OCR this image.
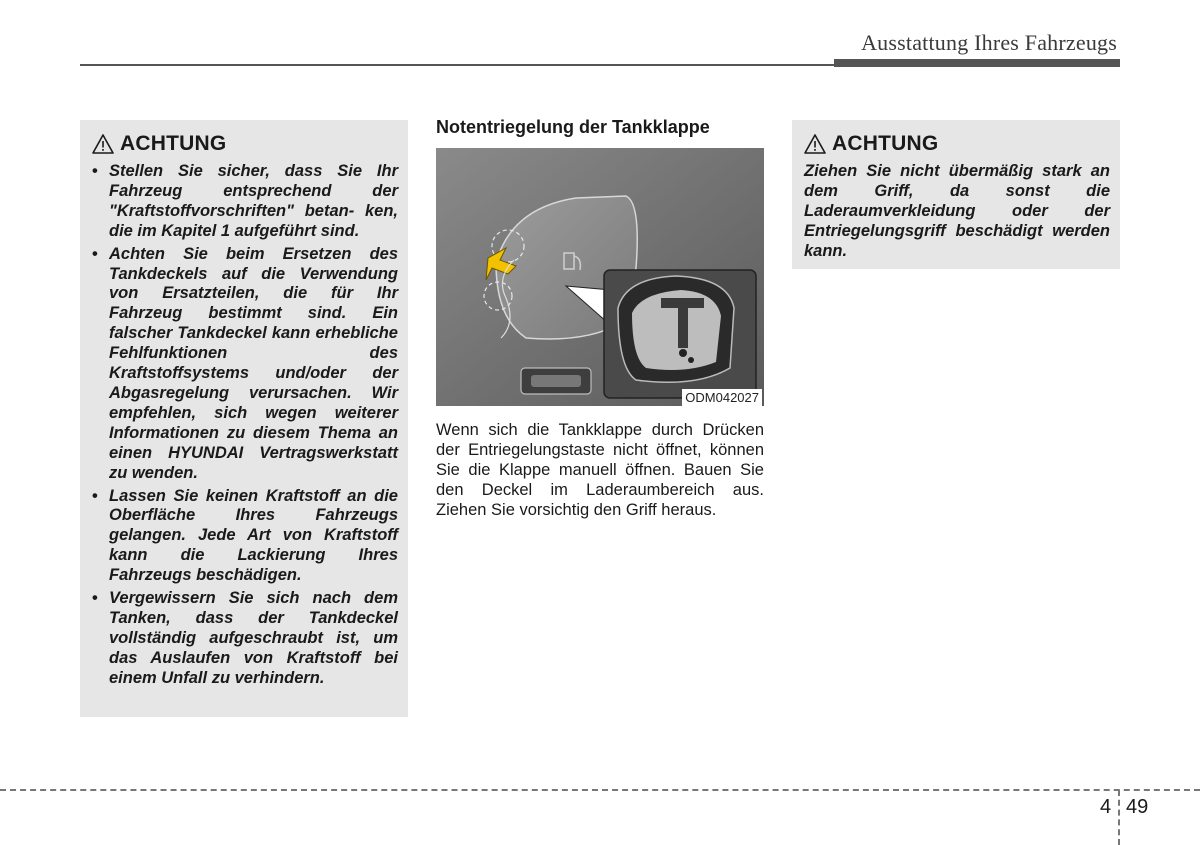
Ausstattung Ihres Fahrzeugs
ACHTUNG
• Stellen Sie sicher, dass Sie Ihr Fahrzeug entsprechend der "Kraftstoffvorschriften" betan- ken, die im Kapitel 1 aufgeführt sind.
• Achten Sie beim Ersetzen des Tankdeckels auf die Verwendung von Ersatzteilen, die für Ihr Fahrzeug bestimmt sind. Ein falscher Tankdeckel kann erhebliche Fehlfunktionen des Kraftstoffsystems und/oder der Abgasregelung verursachen. Wir empfehlen, sich wegen weiterer Informationen zu diesem Thema an einen HYUNDAI Vertragswerkstatt zu wenden.
• Lassen Sie keinen Kraftstoff an die Oberfläche Ihres Fahrzeugs gelangen. Jede Art von Kraftstoff kann die Lackierung Ihres Fahrzeugs beschädigen.
• Vergewissern Sie sich nach dem Tanken, dass der Tankdeckel vollständig aufgeschraubt ist, um das Auslaufen von Kraftstoff bei einem Unfall zu verhindern.
Notentriegelung der Tankklappe
ODM042027

Wenn sich die Tankklappe durch Drücken der Entriegelungstaste nicht öffnet, können Sie die Klappe manuell öffnen. Bauen Sie den Deckel im Laderaumbereich aus. Ziehen Sie vorsichtig den Griff heraus.

ACHTUNG

Ziehen Sie nicht übermäßig stark an dem Griff, da sonst die Laderaumverkleidung oder der Entriegelungsgriff beschädigt werden kann.

4 49
